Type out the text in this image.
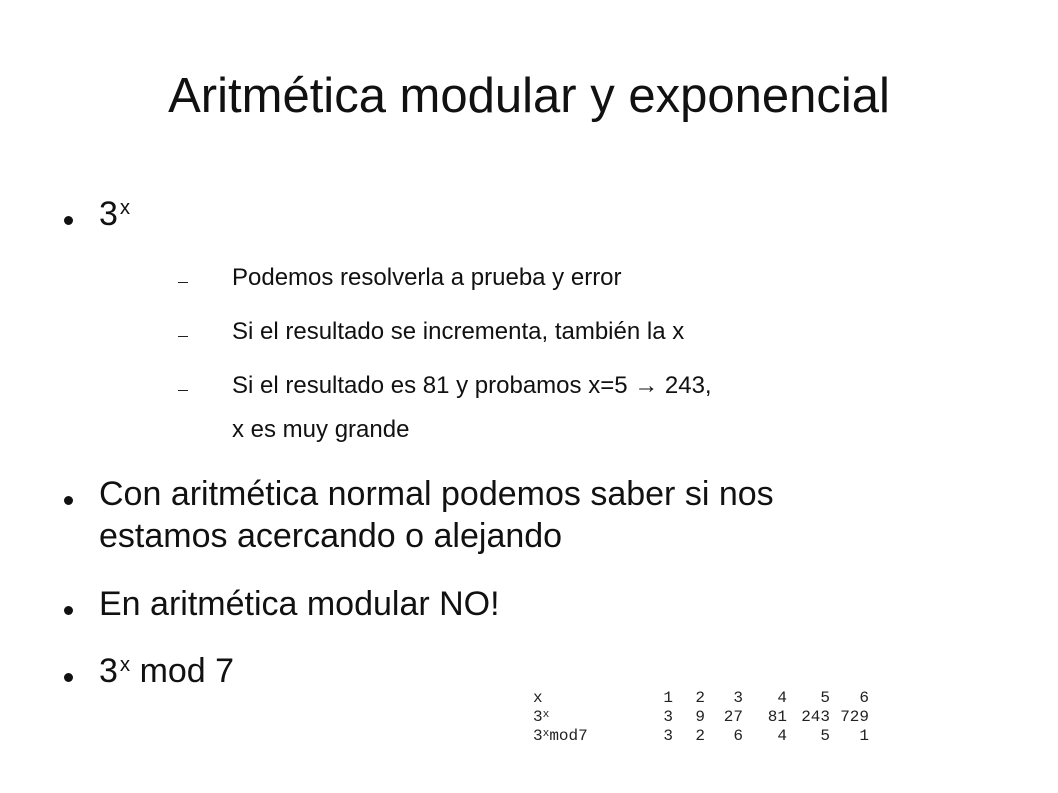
Aritmética modular y exponencial
3$^x$
Podemos resolverla a prueba y error
Si el resultado se incrementa, también la x
Si el resultado es 81 y probamos x=5 → 243,
x es muy grande
Con aritmética normal podemos saber si nos
estamos acercando o alejando
En aritmética modular NO!
3$^x$ mod 7
x	1 2	3	4	5	6
3$^x$	3 9 27	81 243 729
3$^x$mod7	3 2	6	4	5	1
